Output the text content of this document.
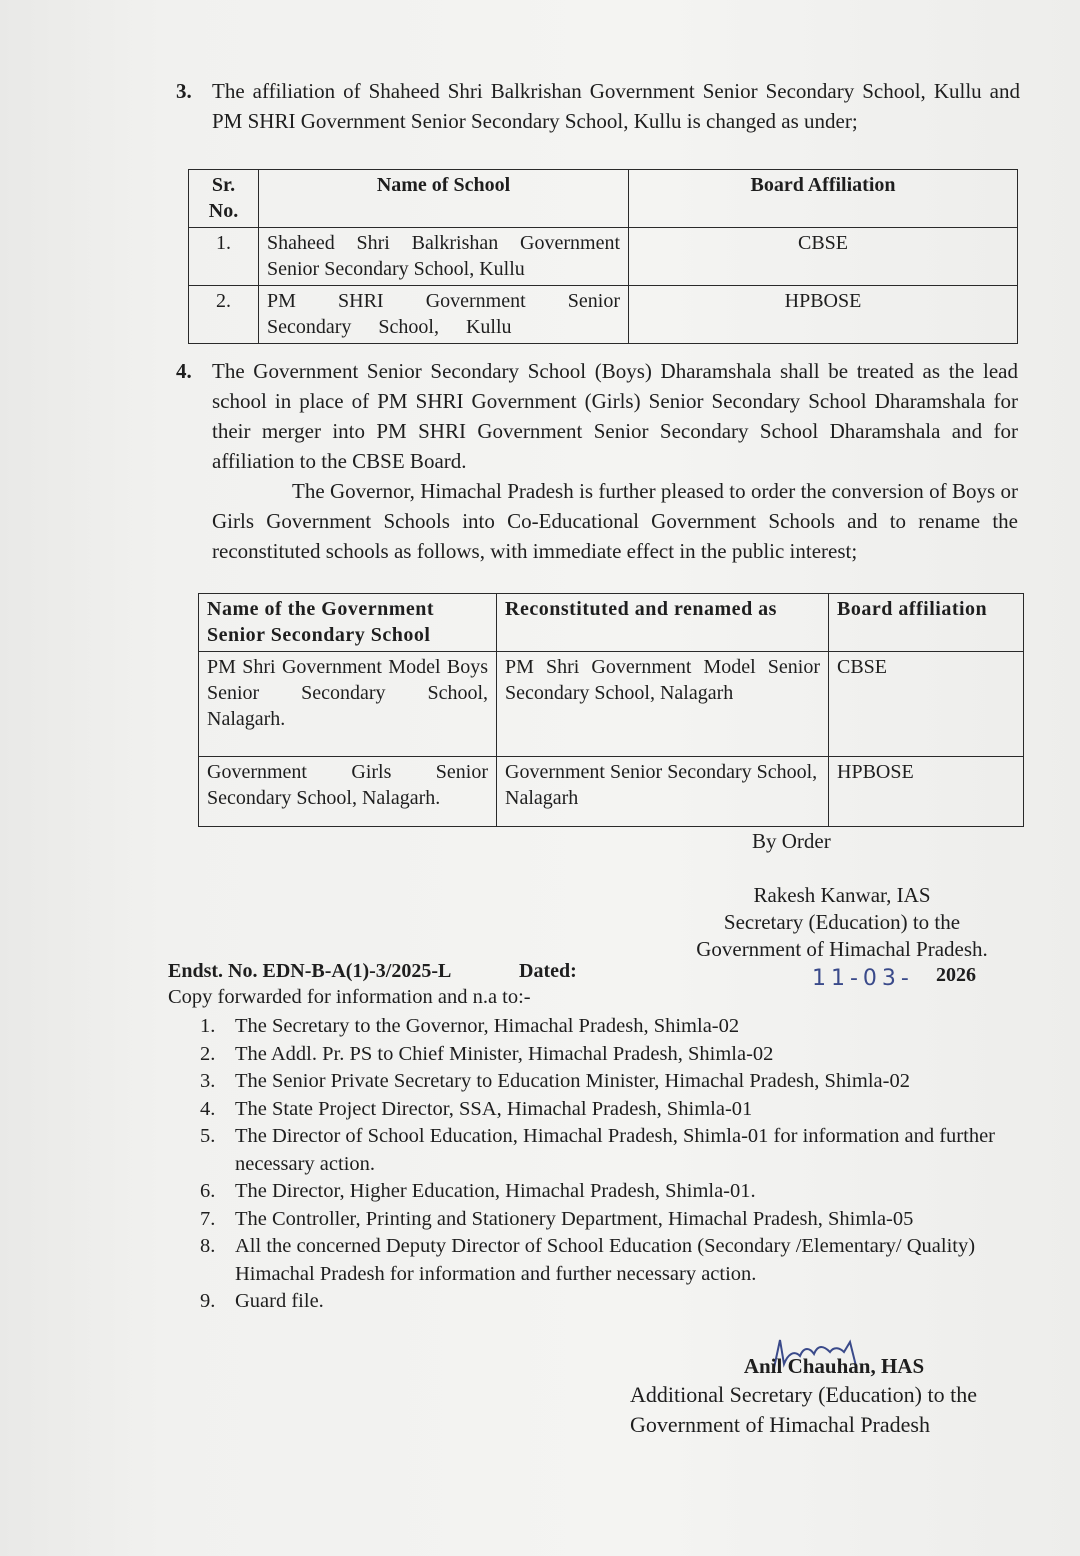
3. The affiliation of Shaheed Shri Balkrishan Government Senior Secondary School, Kullu and PM SHRI Government Senior Secondary School, Kullu is changed as under;

Sr. No.	Name of School	Board Affiliation
1.	Shaheed Shri Balkrishan Government Senior Secondary School, Kullu	CBSE
2.	PM SHRI Government Senior Secondary School, Kullu	HPBOSE
4. The Government Senior Secondary School (Boys) Dharamshala shall be treated as the lead school in place of PM SHRI Government (Girls) Senior Secondary School Dharamshala for their merger into PM SHRI Government Senior Secondary School Dharamshala and for affiliation to the CBSE Board.

The Governor, Himachal Pradesh is further pleased to order the conversion of Boys or Girls Government Schools into Co-Educational Government Schools and to rename the reconstituted schools as follows, with immediate effect in the public interest;

Name of the Government Senior Secondary School	Reconstituted and renamed as	Board affiliation
PM Shri Government Model Boys Senior Secondary School, Nalagarh.	PM Shri Government Model Senior Secondary School, Nalagarh	CBSE
Government Girls Senior Secondary School, Nalagarh.	Government Senior Secondary School, Nalagarh	HPBOSE
By Order
Rakesh Kanwar, IAS
Secretary (Education) to the
Government of Himachal Pradesh.
Endst. No. EDN-B-A(1)-3/2025-L	Dated:	11-03- 2026
Copy forwarded for information and n.a to:-
1. The Secretary to the Governor, Himachal Pradesh, Shimla-02
2. The Addl. Pr. PS to Chief Minister, Himachal Pradesh, Shimla-02
3. The Senior Private Secretary to Education Minister, Himachal Pradesh, Shimla-02
4. The State Project Director, SSA, Himachal Pradesh, Shimla-01
5. The Director of School Education, Himachal Pradesh, Shimla-01 for information and further necessary action.
6. The Director, Higher Education, Himachal Pradesh, Shimla-01.
7. The Controller, Printing and Stationery Department, Himachal Pradesh, Shimla-05
8. All the concerned Deputy Director of School Education (Secondary /Elementary/ Quality) Himachal Pradesh for information and further necessary action.
9. Guard file.
Anil Chauhan, HAS
Additional Secretary (Education) to the
Government of Himachal Pradesh
